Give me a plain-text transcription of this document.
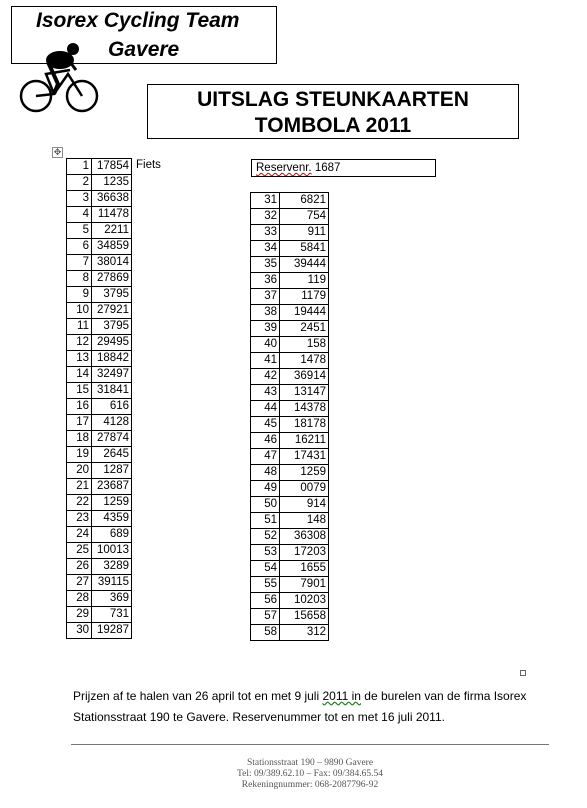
Isorex Cycling Team
Gavere
UITSLAG STEUNKAARTEN
TOMBOLA 2011
✥
1	17854
2	1235
3	36638
4	11478
5	2211
6	34859
7	38014
8	27869
9	3795
10	27921
11	3795
12	29495
13	18842
14	32497
15	31841
16	616
17	4128
18	27874
19	2645
20	1287
21	23687
22	1259
23	4359
24	689
25	10013
26	3289
27	39115
28	369
29	731
30	19287
Fiets	Reservenr. 1687
31	6821
32	754
33	911
34	5841
35	39444
36	119
37	1179
38	19444
39	2451
40	158
41	1478
42	36914
43	13147
44	14378
45	18178
46	16211
47	17431
48	1259
49	0079
50	914
51	148
52	36308
53	17203
54	1655
55	7901
56	10203
57	15658
58	312
Prijzen af te halen van 26 april tot en met 9 juli 2011 in de burelen van de firma Isorex Stationsstraat 190 te Gavere. Reservenummer tot en met 16 juli 2011.
Stationsstraat 190 – 9890 Gavere
Tel: 09/389.62.10 – Fax: 09/384.65.54
Rekeningnummer: 068-2087796-92
